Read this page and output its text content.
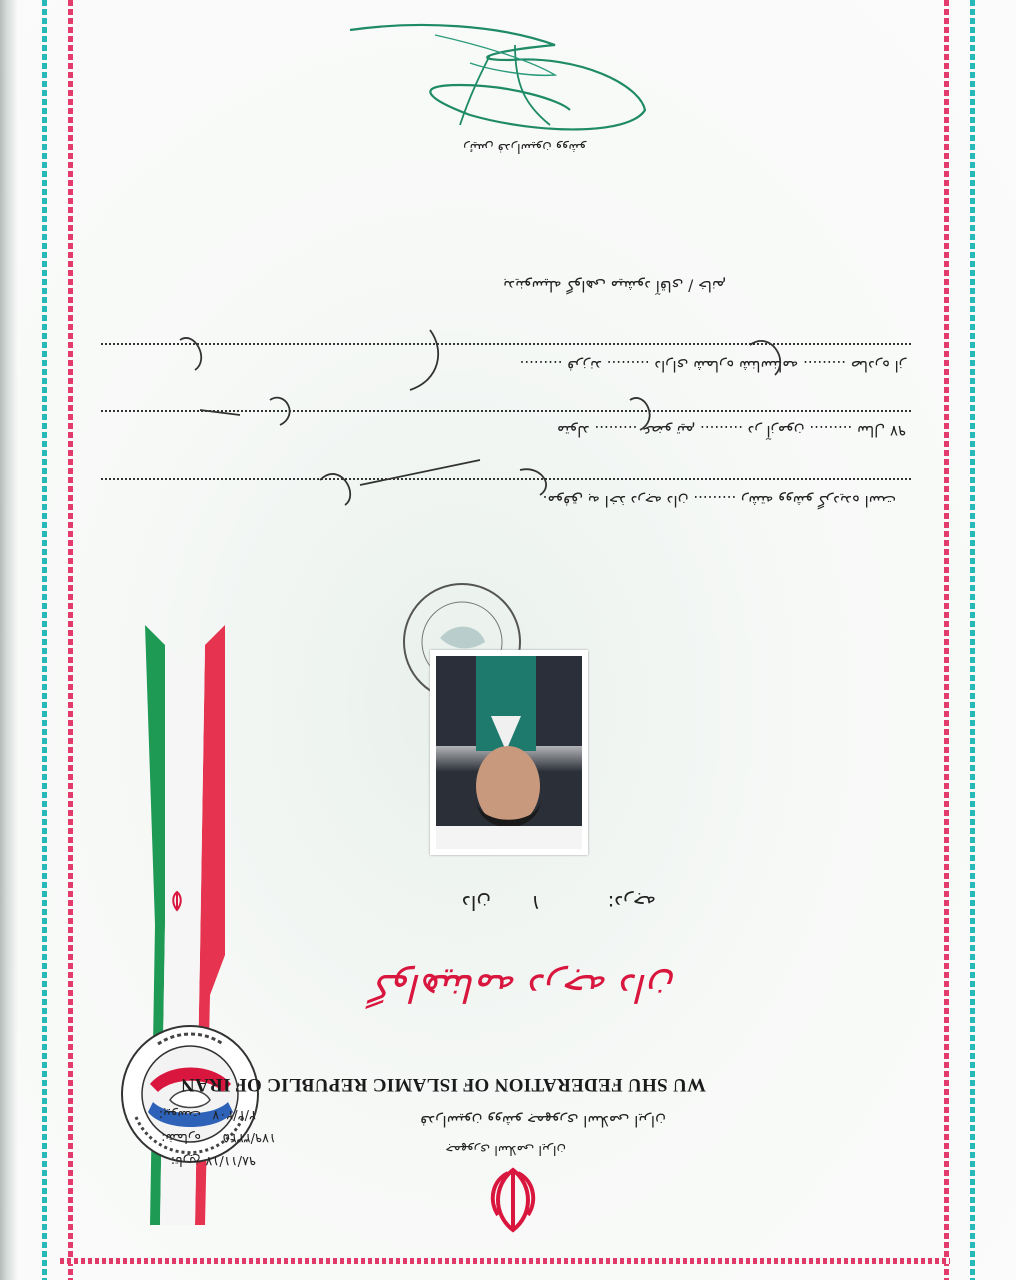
جمهوری اسلامی ایران
فدراسیون ووشو جمهوری اسلامی ایران
WU SHU FEDERATION OF ISLAMIC REPUBLIC OF IRAN
تاریخ:	۹۸/۱۱/۱۷
شماره:	۱۷۹/۳۳۴۵
پیوست:	۲/۲/۲۰۷
گواهینامه درجه دان
درجه:
۱
دان
موفق به اخذ درجه دان ......... رشته ووشو گردیده است.
متولد ......... عضو تیم ......... در آزمون ......... سال ۹۷
فرزند ......... دارای شماره شناسنامه ......... صادره از .........
بدینوسیله گواهی میشود آقای / خانم
رئیس فدراسیون ووشو
